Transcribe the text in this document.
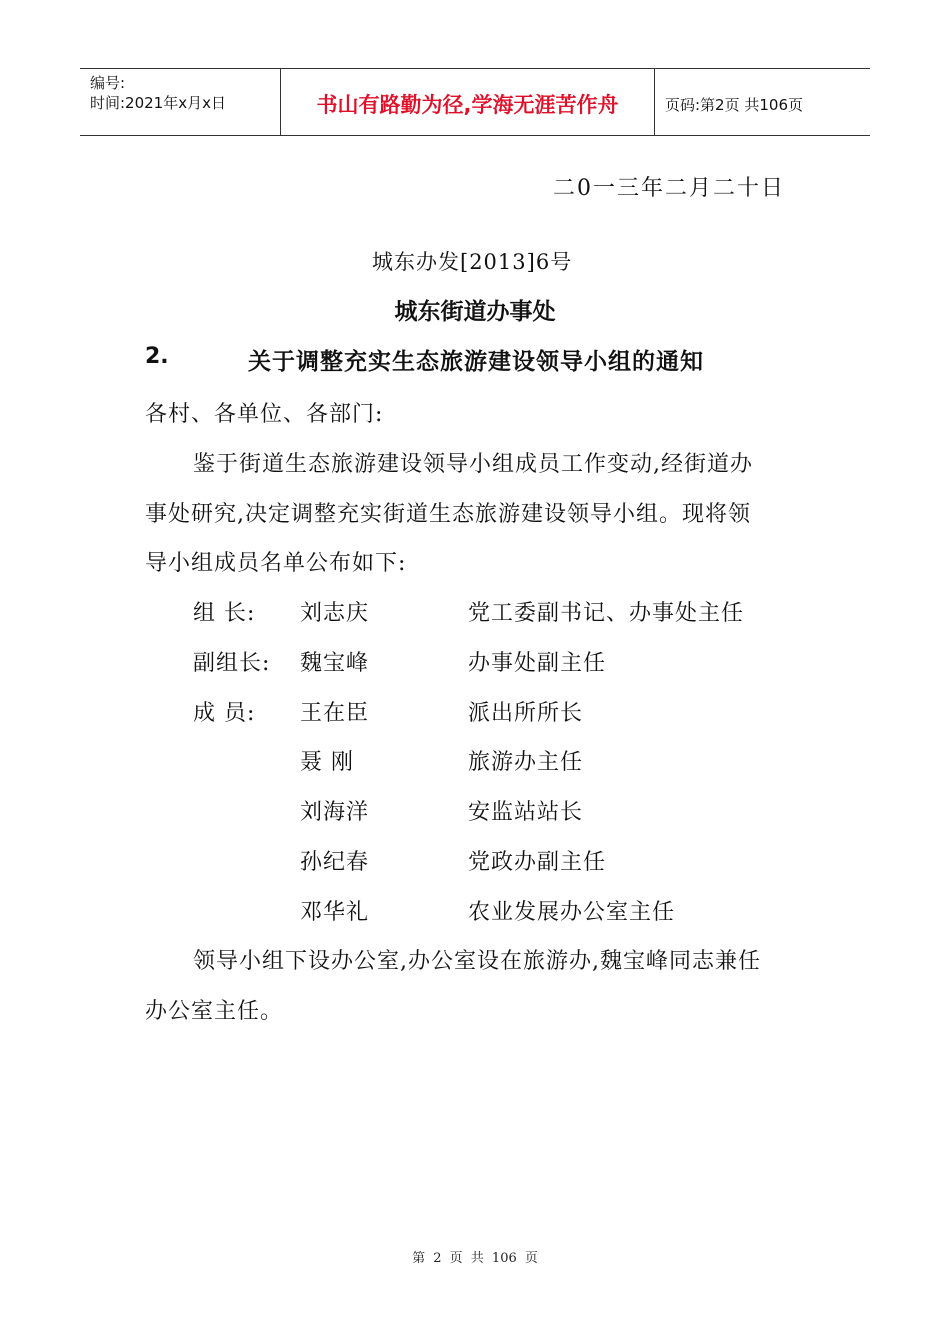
编号:
时间:2021年x月x日	书山有路勤为径,学海无涯苦作舟	页码:第2页 共106页
二0一三年二月二十日
城东办发[2013]6号
城东街道办事处
2.	关于调整充实生态旅游建设领导小组的通知
各村、各单位、各部门:
鉴于街道生态旅游建设领导小组成员工作变动,经街道办
事处研究,决定调整充实街道生态旅游建设领导小组。现将领
导小组成员名单公布如下:
组 长: 刘志庆	党工委副书记、办事处主任
副组长: 魏宝峰	办事处副主任
成 员: 王在臣	派出所所长
聂 刚	旅游办主任
刘海洋	安监站站长
孙纪春	党政办副主任
邓华礼	农业发展办公室主任
领导小组下设办公室,办公室设在旅游办,魏宝峰同志兼任
办公室主任。
第 2 页 共 106 页
